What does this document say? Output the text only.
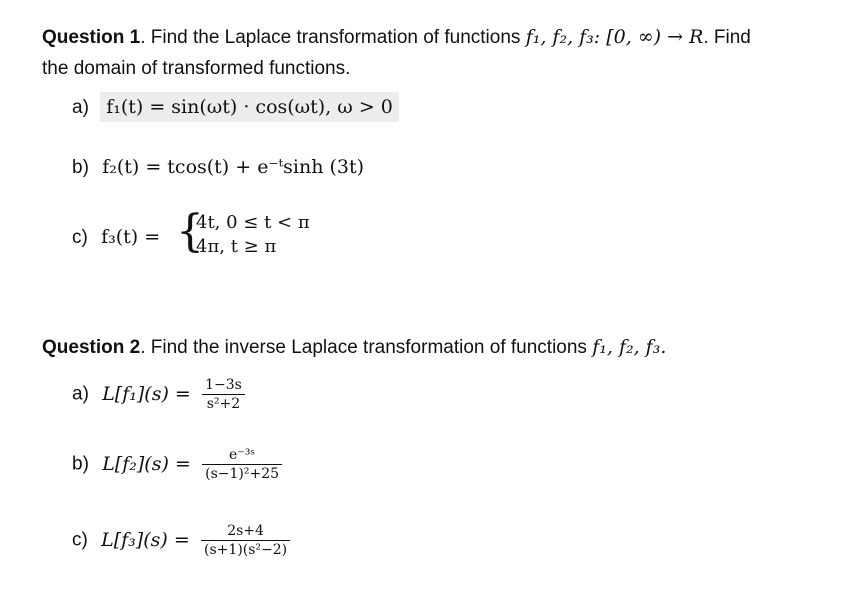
Question 1. Find the Laplace transformation of functions f₁, f₂, f₃: [0, ∞) → R. Find
the domain of transformed functions.
a) f₁(t) = sin(ωt) · cos(ωt), ω > 0
b) f₂(t) = tcos(t) + e⁻ᵗsinh (3t)
c) f₃(t) = {
4t, 0 ≤ t < π
4π, t ≥ π
Question 2. Find the inverse Laplace transformation of functions f₁, f₂, f₃.
a) $L[f_1](s) = \frac{1-3s}{\text{s²+2}}$
b) $L[f_2](s) = \frac{\text{e⁻³ˢ}}{\text{(s−1)²+25}}$
c) $L[f_3](s) = \frac{2s+4}{\text{(s+1)(s²−2)}}$
